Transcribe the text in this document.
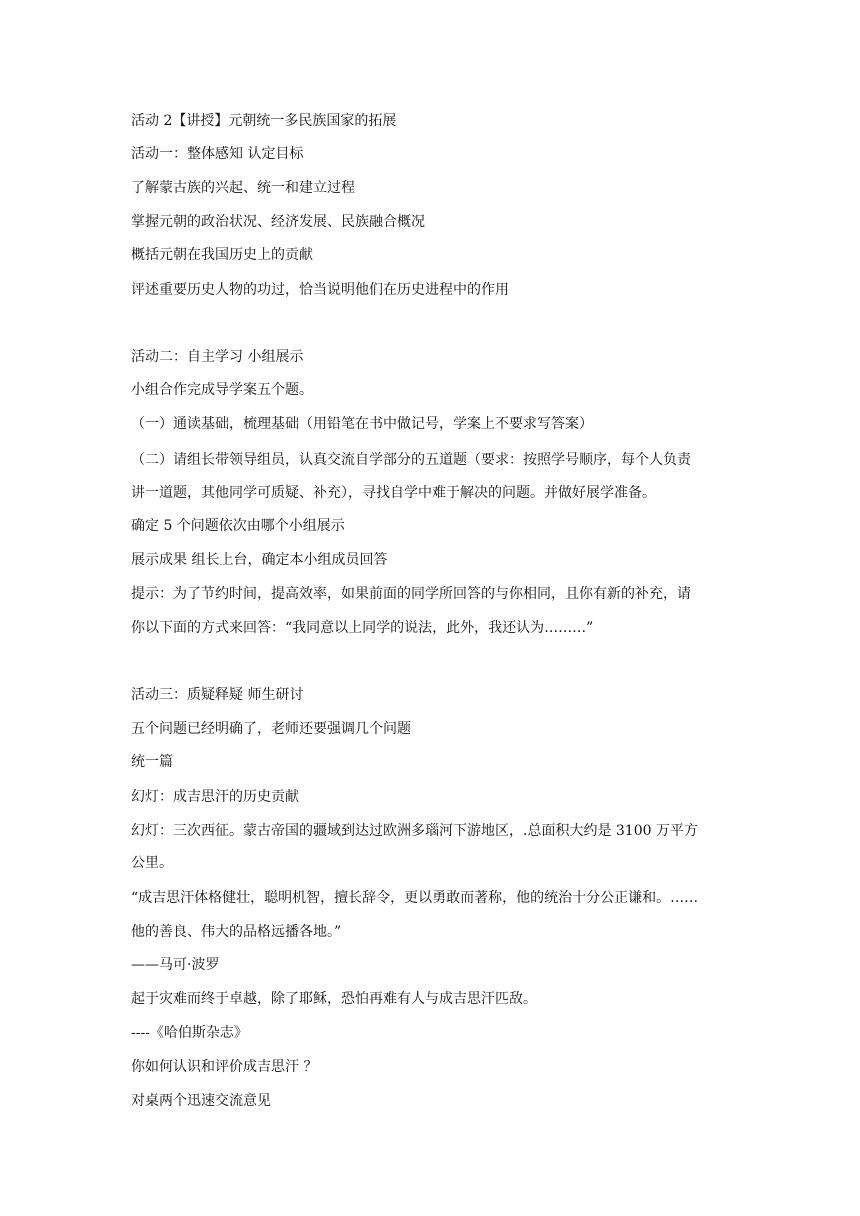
活动 2【讲授】元朝统一多民族国家的拓展
活动一：整体感知 认定目标
了解蒙古族的兴起、统一和建立过程
掌握元朝的政治状况、经济发展、民族融合概况
概括元朝在我国历史上的贡献
评述重要历史人物的功过，恰当说明他们在历史进程中的作用
活动二：自主学习 小组展示
小组合作完成导学案五个题。
（一）通读基础，梳理基础（用铅笔在书中做记号，学案上不要求写答案）
（二）请组长带领导组员，认真交流自学部分的五道题（要求：按照学号顺序，每个人负责
讲一道题，其他同学可质疑、补充），寻找自学中难于解决的问题。并做好展学准备。
确定 5 个问题依次由哪个小组展示
展示成果 组长上台，确定本小组成员回答
提示：为了节约时间，提高效率，如果前面的同学所回答的与你相同，且你有新的补充，请
你以下面的方式来回答：“我同意以上同学的说法，此外，我还认为………”
活动三：质疑释疑 师生研讨
五个问题已经明确了，老师还要强调几个问题
统一篇
幻灯：成吉思汗的历史贡献
幻灯：三次西征。蒙古帝国的疆域到达过欧洲多瑙河下游地区，.总面积大约是 3100 万平方
公里。
“成吉思汗体格健壮，聪明机智，擅长辞令，更以勇敢而著称，他的统治十分公正谦和。……
他的善良、伟大的品格远播各地。”
——马可·波罗
起于灾难而终于卓越，除了耶稣，恐怕再难有人与成吉思汗匹敌。
----《哈伯斯杂志》
你如何认识和评价成吉思汗 ？
对桌两个迅速交流意见
